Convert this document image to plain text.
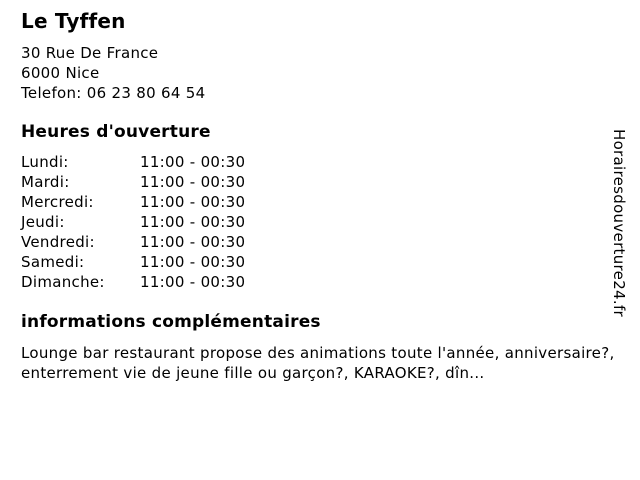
Le Tyffen
30 Rue De France
6000 Nice
Telefon: 06 23 80 64 54
Heures d'ouverture
Lundi:	11:00 - 00:30
Mardi:	11:00 - 00:30
Mercredi:	11:00 - 00:30
Jeudi:	11:00 - 00:30
Vendredi:	11:00 - 00:30
Samedi:	11:00 - 00:30
Dimanche:	11:00 - 00:30
informations complémentaires

Lounge bar restaurant propose des animations toute l'année, anniversaire?, enterrement vie de jeune fille ou garçon?, KARAOKE?, dîn...

Horairesdouverture24.fr
